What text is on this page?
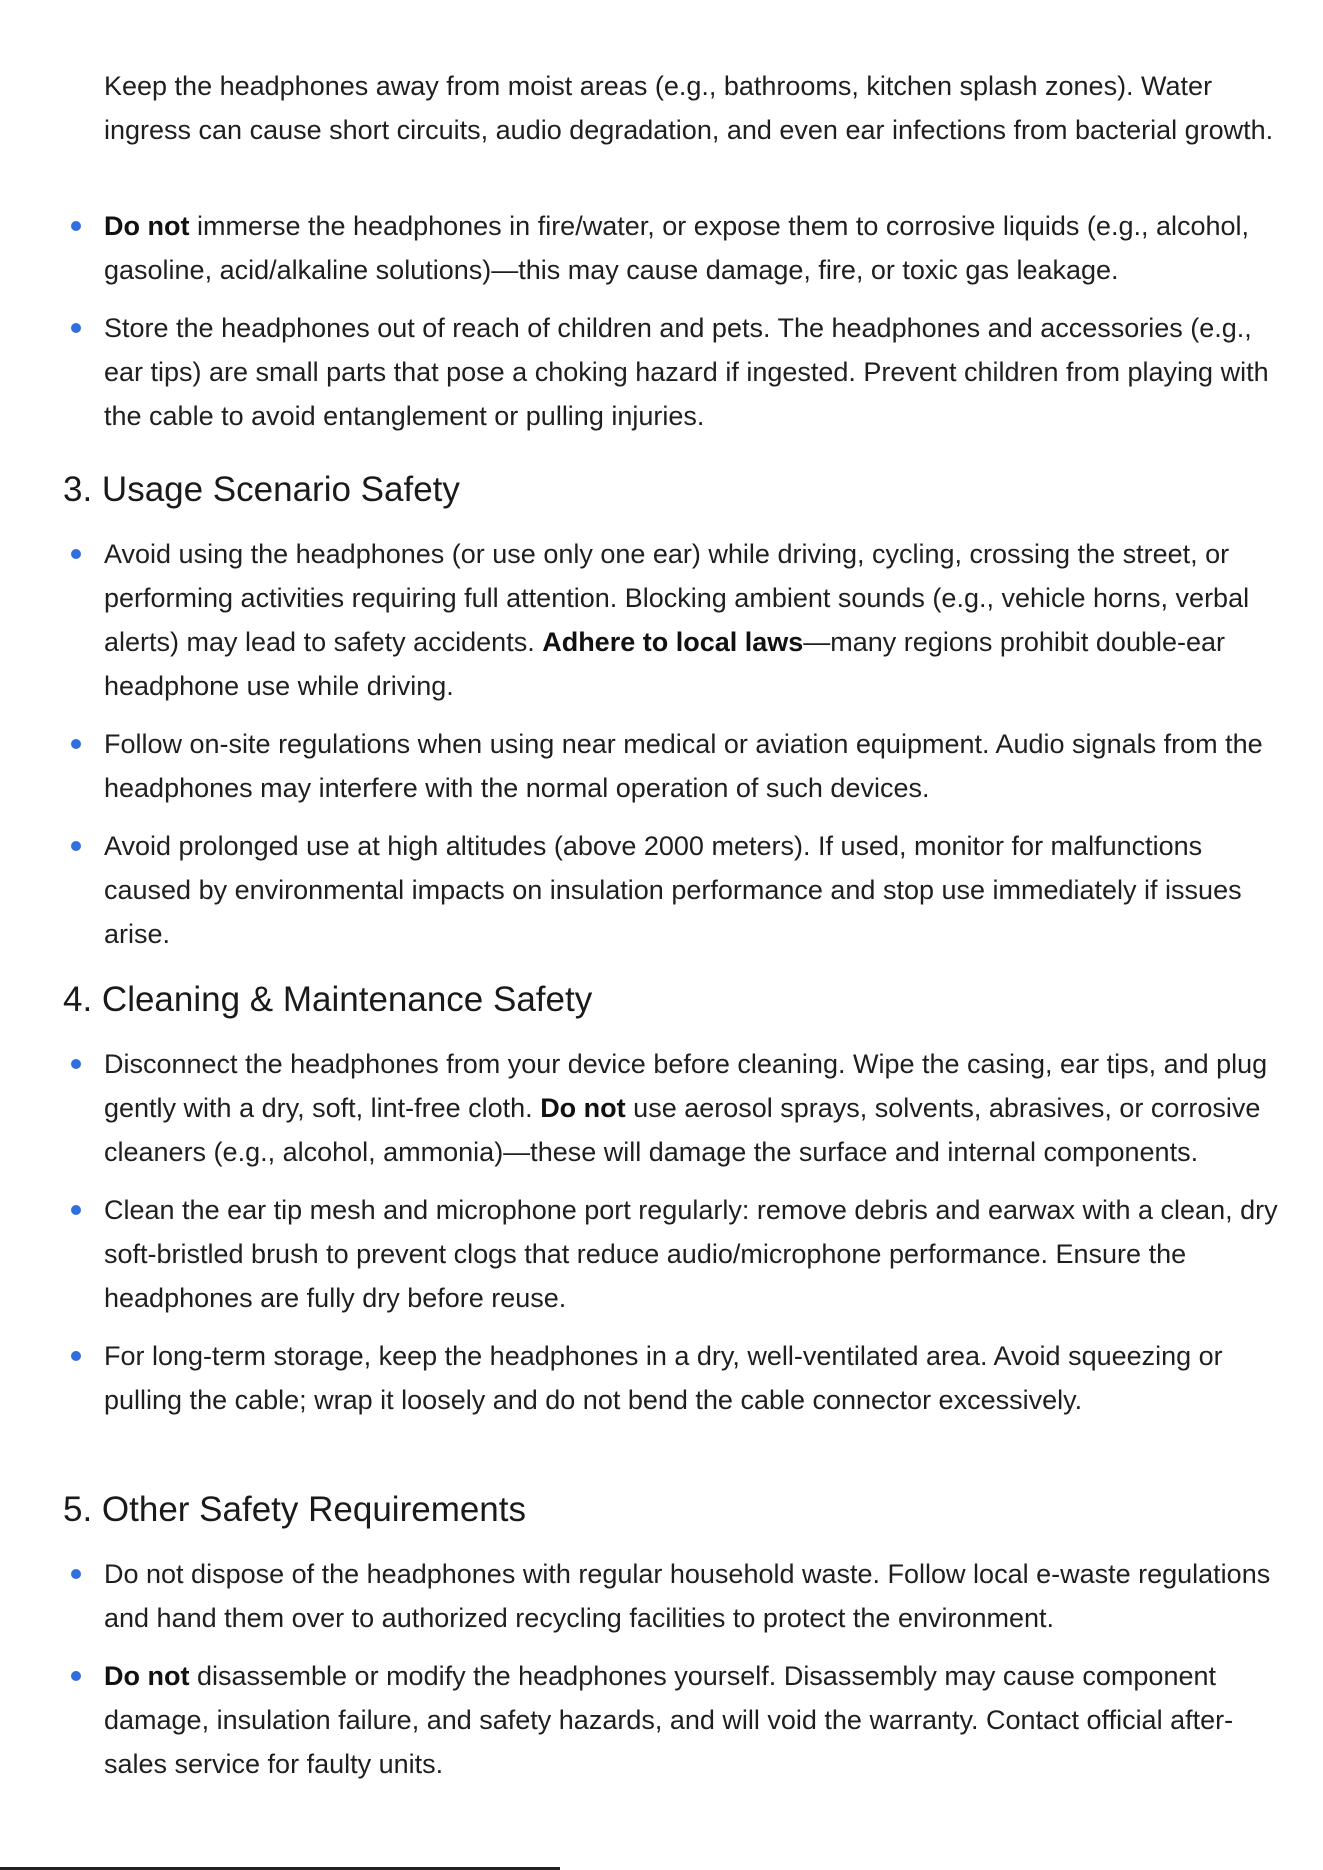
Keep the headphones away from moist areas (e.g., bathrooms, kitchen splash zones). Water ingress can cause short circuits, audio degradation, and even ear infections from bacterial growth.

Do not immerse the headphones in fire/water, or expose them to corrosive liquids (e.g., alcohol, gasoline, acid/alkaline solutions)—this may cause damage, fire, or toxic gas leakage.
Store the headphones out of reach of children and pets. The headphones and accessories (e.g., ear tips) are small parts that pose a choking hazard if ingested. Prevent children from playing with the cable to avoid entanglement or pulling injuries.
3. Usage Scenario Safety
Avoid using the headphones (or use only one ear) while driving, cycling, crossing the street, or performing activities requiring full attention. Blocking ambient sounds (e.g., vehicle horns, verbal alerts) may lead to safety accidents. Adhere to local laws—many regions prohibit double-ear headphone use while driving.
Follow on-site regulations when using near medical or aviation equipment. Audio signals from the headphones may interfere with the normal operation of such devices.
Avoid prolonged use at high altitudes (above 2000 meters). If used, monitor for malfunctions caused by environmental impacts on insulation performance and stop use immediately if issues arise.
4. Cleaning & Maintenance Safety
Disconnect the headphones from your device before cleaning. Wipe the casing, ear tips, and plug gently with a dry, soft, lint-free cloth. Do not use aerosol sprays, solvents, abrasives, or corrosive cleaners (e.g., alcohol, ammonia)—these will damage the surface and internal components.
Clean the ear tip mesh and microphone port regularly: remove debris and earwax with a clean, dry soft-bristled brush to prevent clogs that reduce audio/microphone performance. Ensure the headphones are fully dry before reuse.
For long-term storage, keep the headphones in a dry, well-ventilated area. Avoid squeezing or pulling the cable; wrap it loosely and do not bend the cable connector excessively.
5. Other Safety Requirements
Do not dispose of the headphones with regular household waste. Follow local e-waste regulations and hand them over to authorized recycling facilities to protect the environment.
Do not disassemble or modify the headphones yourself. Disassembly may cause component damage, insulation failure, and safety hazards, and will void the warranty. Contact official after-sales service for faulty units.
